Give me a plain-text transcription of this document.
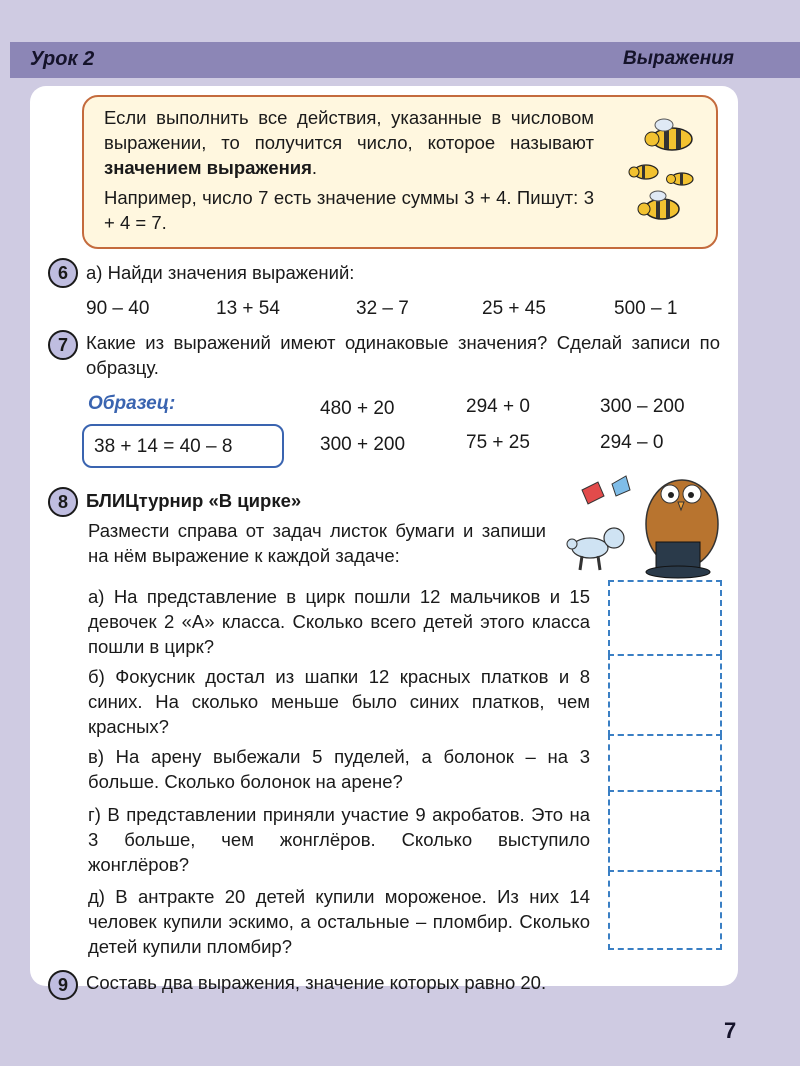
Урок 2	Выражения

Если выполнить все действия, указанные в числовом выражении, то получится число, которое называют значением выражения.

Например, число 7 есть значение суммы 3 + 4. Пишут: 3 + 4 = 7.

6 а) Найди значения выражений:
90 – 40	13 + 54	32 – 7	25 + 45	500 – 1
7 Какие из выражений имеют одинаковые значения? Сделай записи по образцу.
Образец:
38 + 14 = 40 – 8
480 + 20	294 + 0	300 – 200
300 + 200	75 + 25	294 – 0
8 БЛИЦтурнир «В цирке»
Размести справа от задач листок бумаги и запиши на нём выражение к каждой задаче:
а) На представление в цирк пошли 12 мальчиков и 15 девочек 2 «А» класса. Сколько всего детей этого класса пошли в цирк?
б) Фокусник достал из шапки 12 красных платков и 8 синих. На сколько меньше было синих платков, чем красных?
в) На арену выбежали 5 пуделей, а болонок – на 3 больше. Сколько болонок на арене?
г) В представлении приняли участие 9 акробатов. Это на 3 больше, чем жонглёров. Сколько выступило жонглёров?
д) В антракте 20 детей купили мороженое. Из них 14 человек купили эскимо, а остальные – пломбир. Сколько детей купили пломбир?
9 Составь два выражения, значение которых равно 20.
7
